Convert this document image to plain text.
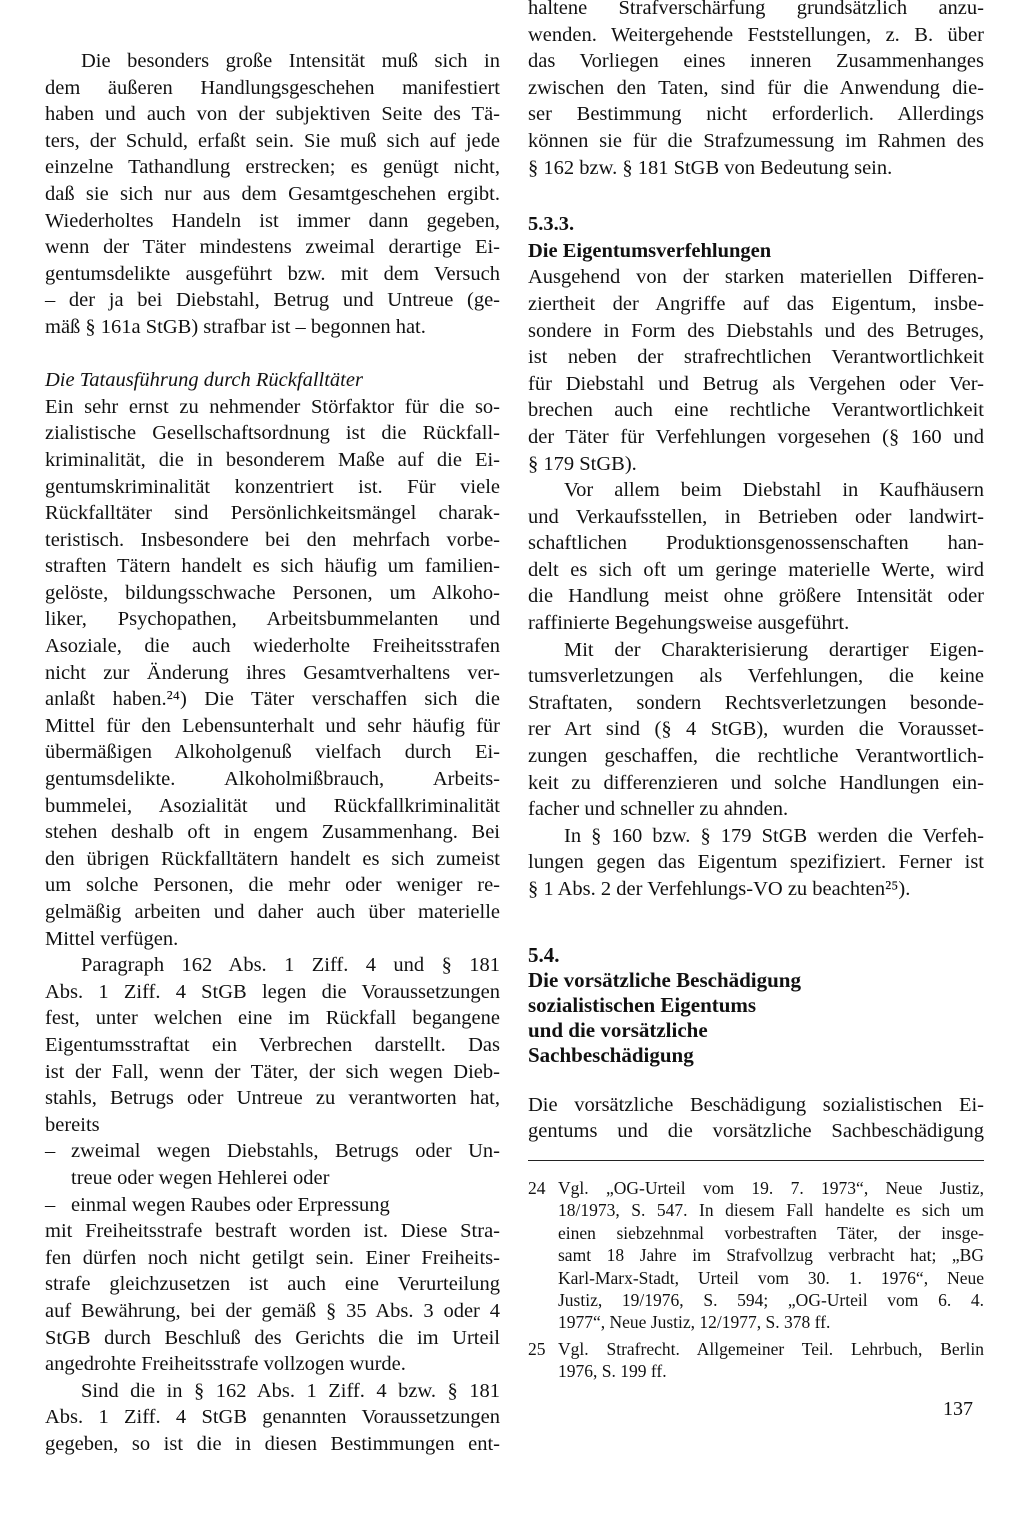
Die besonders große Intensität muß sich in

dem äußeren Handlungsgeschehen manifestiert

haben und auch von der subjektiven Seite des Tä-

ters, der Schuld, erfaßt sein. Sie muß sich auf jede

einzelne Tathandlung erstrecken; es genügt nicht,

daß sie sich nur aus dem Gesamtgeschehen ergibt.

Wiederholtes Handeln ist immer dann gegeben,

wenn der Täter mindestens zweimal derartige Ei-

gentumsdelikte ausgeführt bzw. mit dem Versuch

– der ja bei Diebstahl, Betrug und Untreue (ge-

mäß § 161a StGB) strafbar ist – begonnen hat.

Die Tatausführung durch Rückfalltäter

Ein sehr ernst zu nehmender Störfaktor für die so-

zialistische Gesellschaftsordnung ist die Rückfall-

kriminalität, die in besonderem Maße auf die Ei-

gentumskriminalität konzentriert ist. Für viele

Rückfalltäter sind Persönlichkeitsmängel charak-

teristisch. Insbesondere bei den mehrfach vorbe-

straften Tätern handelt es sich häufig um familien-

gelöste, bildungsschwache Personen, um Alkoho-

liker, Psychopathen, Arbeitsbummelanten und

Asoziale, die auch wiederholte Freiheitsstrafen

nicht zur Änderung ihres Gesamtverhaltens ver-

anlaßt haben.²⁴) Die Täter verschaffen sich die

Mittel für den Lebensunterhalt und sehr häufig für

übermäßigen Alkoholgenuß vielfach durch Ei-

gentumsdelikte. Alkoholmißbrauch, Arbeits-

bummelei, Asozialität und Rückfallkriminalität

stehen deshalb oft in engem Zusammenhang. Bei

den übrigen Rückfalltätern handelt es sich zumeist

um solche Personen, die mehr oder weniger re-

gelmäßig arbeiten und daher auch über materielle

Mittel verfügen.

Paragraph 162 Abs. 1 Ziff. 4 und § 181

Abs. 1 Ziff. 4 StGB legen die Voraussetzungen

fest, unter welchen eine im Rückfall begangene

Eigentumsstraftat ein Verbrechen darstellt. Das

ist der Fall, wenn der Täter, der sich wegen Dieb-

stahls, Betrugs oder Untreue zu verantworten hat,

bereits

– zweimal wegen Diebstahls, Betrugs oder Un-

treue oder wegen Hehlerei oder

– einmal wegen Raubes oder Erpressung

mit Freiheitsstrafe bestraft worden ist. Diese Stra-

fen dürfen noch nicht getilgt sein. Einer Freiheits-

strafe gleichzusetzen ist auch eine Verurteilung

auf Bewährung, bei der gemäß § 35 Abs. 3 oder 4

StGB durch Beschluß des Gerichts die im Urteil

angedrohte Freiheitsstrafe vollzogen wurde.

Sind die in § 162 Abs. 1 Ziff. 4 bzw. § 181

Abs. 1 Ziff. 4 StGB genannten Voraussetzungen

gegeben, so ist die in diesen Bestimmungen ent-

haltene Strafverschärfung grundsätzlich anzu-

wenden. Weitergehende Feststellungen, z. B. über

das Vorliegen eines inneren Zusammenhanges

zwischen den Taten, sind für die Anwendung die-

ser Bestimmung nicht erforderlich. Allerdings

können sie für die Strafzumessung im Rahmen des

§ 162 bzw. § 181 StGB von Bedeutung sein.

5.3.3.

Die Eigentumsverfehlungen

Ausgehend von der starken materiellen Differen-

ziertheit der Angriffe auf das Eigentum, insbe-

sondere in Form des Diebstahls und des Betruges,

ist neben der strafrechtlichen Verantwortlichkeit

für Diebstahl und Betrug als Vergehen oder Ver-

brechen auch eine rechtliche Verantwortlichkeit

der Täter für Verfehlungen vorgesehen (§ 160 und

§ 179 StGB).

Vor allem beim Diebstahl in Kaufhäusern

und Verkaufsstellen, in Betrieben oder landwirt-

schaftlichen Produktionsgenossenschaften han-

delt es sich oft um geringe materielle Werte, wird

die Handlung meist ohne größere Intensität oder

raffinierte Begehungsweise ausgeführt.

Mit der Charakterisierung derartiger Eigen-

tumsverletzungen als Verfehlungen, die keine

Straftaten, sondern Rechtsverletzungen besonde-

rer Art sind (§ 4 StGB), wurden die Vorausset-

zungen geschaffen, die rechtliche Verantwortlich-

keit zu differenzieren und solche Handlungen ein-

facher und schneller zu ahnden.

In § 160 bzw. § 179 StGB werden die Verfeh-

lungen gegen das Eigentum spezifiziert. Ferner ist

§ 1 Abs. 2 der Verfehlungs-VO zu beachten²⁵).

5.4.

Die vorsätzliche Beschädigung

sozialistischen Eigentums

und die vorsätzliche

Sachbeschädigung

Die vorsätzliche Beschädigung sozialistischen Ei-

gentums und die vorsätzliche Sachbeschädigung

24 Vgl. „OG-Urteil vom 19. 7. 1973“, Neue Justiz,

18/1973, S. 547. In diesem Fall handelte es sich um

einen siebzehnmal vorbestraften Täter, der insge-

samt 18 Jahre im Strafvollzug verbracht hat; „BG

Karl-Marx-Stadt, Urteil vom 30. 1. 1976“, Neue

Justiz, 19/1976, S. 594; „OG-Urteil vom 6. 4.

1977“, Neue Justiz, 12/1977, S. 378 ff.

25 Vgl. Strafrecht. Allgemeiner Teil. Lehrbuch, Berlin

1976, S. 199 ff.

137
